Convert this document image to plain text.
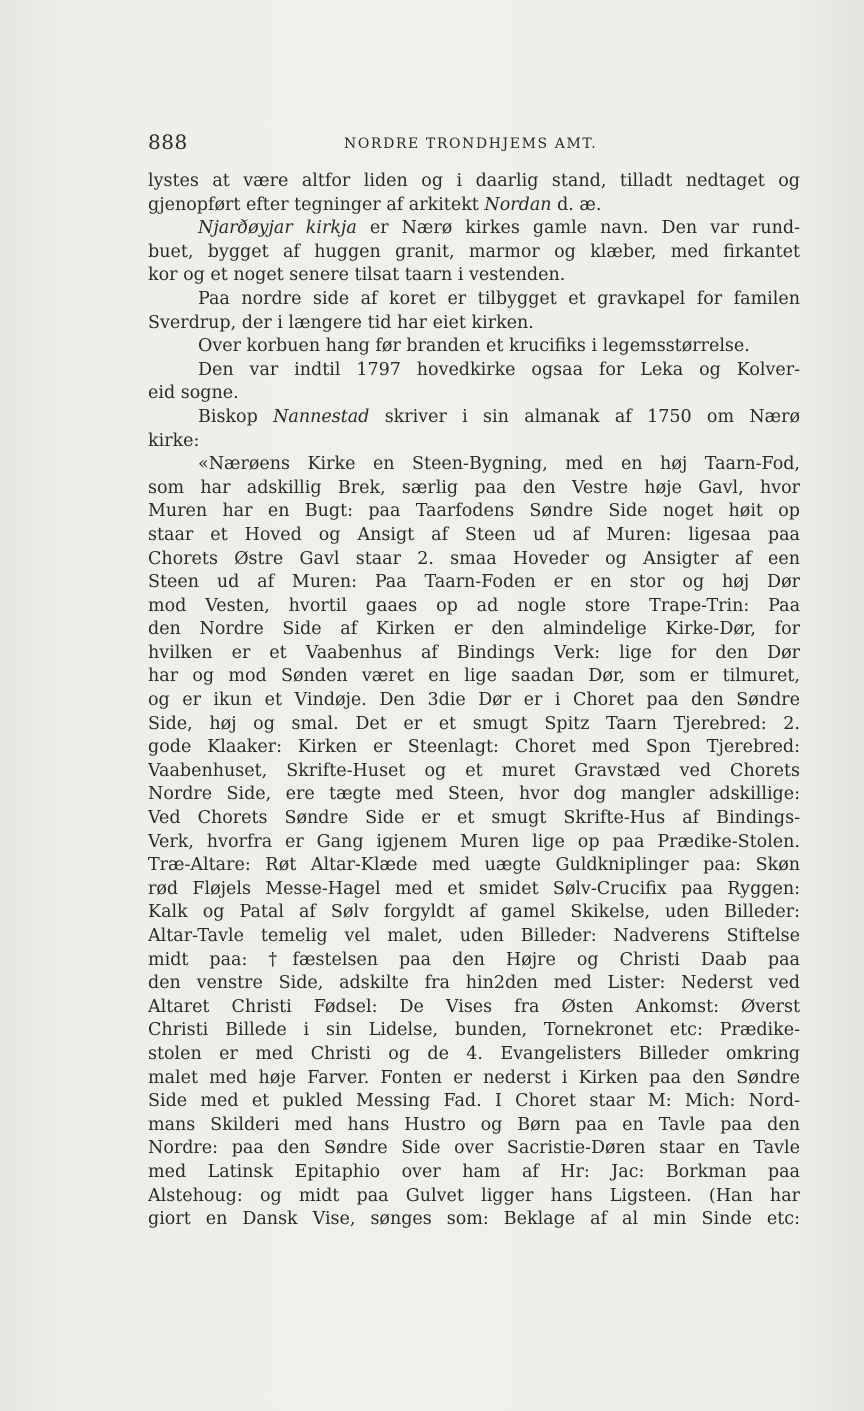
888	NORDRE TRONDHJEMS AMT.
lystes at være altfor liden og i daarlig stand, tilladt nedtaget og
gjenopført efter tegninger af arkitekt Nordan d. æ.
Njarðøyjar kirkja er Nærø kirkes gamle navn. Den var rund-
buet, bygget af huggen granit, marmor og klæber, med firkantet
kor og et noget senere tilsat taarn i vestenden.
Paa nordre side af koret er tilbygget et gravkapel for familen
Sverdrup, der i længere tid har eiet kirken.
Over korbuen hang før branden et krucifiks i legemsstørrelse.
Den var indtil 1797 hovedkirke ogsaa for Leka og Kolver-
eid sogne.
Biskop Nannestad skriver i sin almanak af 1750 om Nærø
kirke:
«Nærøens Kirke en Steen-Bygning, med en høj Taarn-Fod,
som har adskillig Brek, særlig paa den Vestre høje Gavl, hvor
Muren har en Bugt: paa Taarfodens Søndre Side noget høit op
staar et Hoved og Ansigt af Steen ud af Muren: ligesaa paa
Chorets Østre Gavl staar 2. smaa Hoveder og Ansigter af een
Steen ud af Muren: Paa Taarn-Foden er en stor og høj Dør
mod Vesten, hvortil gaaes op ad nogle store Trape-Trin: Paa
den Nordre Side af Kirken er den almindelige Kirke-Dør, for
hvilken er et Vaabenhus af Bindings Verk: lige for den Dør
har og mod Sønden været en lige saadan Dør, som er tilmuret,
og er ikun et Vindøje. Den 3die Dør er i Choret paa den Søndre
Side, høj og smal. Det er et smugt Spitz Taarn Tjerebred: 2.
gode Klaaker: Kirken er Steenlagt: Choret med Spon Tjerebred:
Vaabenhuset, Skrifte-Huset og et muret Gravstæd ved Chorets
Nordre Side, ere tægte med Steen, hvor dog mangler adskillige:
Ved Chorets Søndre Side er et smugt Skrifte-Hus af Bindings-
Verk, hvorfra er Gang igjenem Muren lige op paa Prædike-Stolen.
Træ-Altare: Røt Altar-Klæde med uægte Guldkniplinger paa: Skøn
rød Fløjels Messe-Hagel med et smidet Sølv-Crucifix paa Ryggen:
Kalk og Patal af Sølv forgyldt af gamel Skikelse, uden Billeder:
Altar-Tavle temelig vel malet, uden Billeder: Nadverens Stiftelse
midt paa: †fæstelsen paa den Højre og Christi Daab paa
den venstre Side, adskilte fra hin2den med Lister: Nederst ved
Altaret Christi Fødsel: De Vises fra Østen Ankomst: Øverst
Christi Billede i sin Lidelse, bunden, Tornekronet etc: Prædike-
stolen er med Christi og de 4. Evangelisters Billeder omkring
malet med høje Farver. Fonten er nederst i Kirken paa den Søndre
Side med et pukled Messing Fad. I Choret staar M: Mich: Nord-
mans Skilderi med hans Hustro og Børn paa en Tavle paa den
Nordre: paa den Søndre Side over Sacristie-Døren staar en Tavle
med Latinsk Epitaphio over ham af Hr: Jac: Borkman paa
Alstehoug: og midt paa Gulvet ligger hans Ligsteen. (Han har
giort en Dansk Vise, sønges som: Beklage af al min Sinde etc:
